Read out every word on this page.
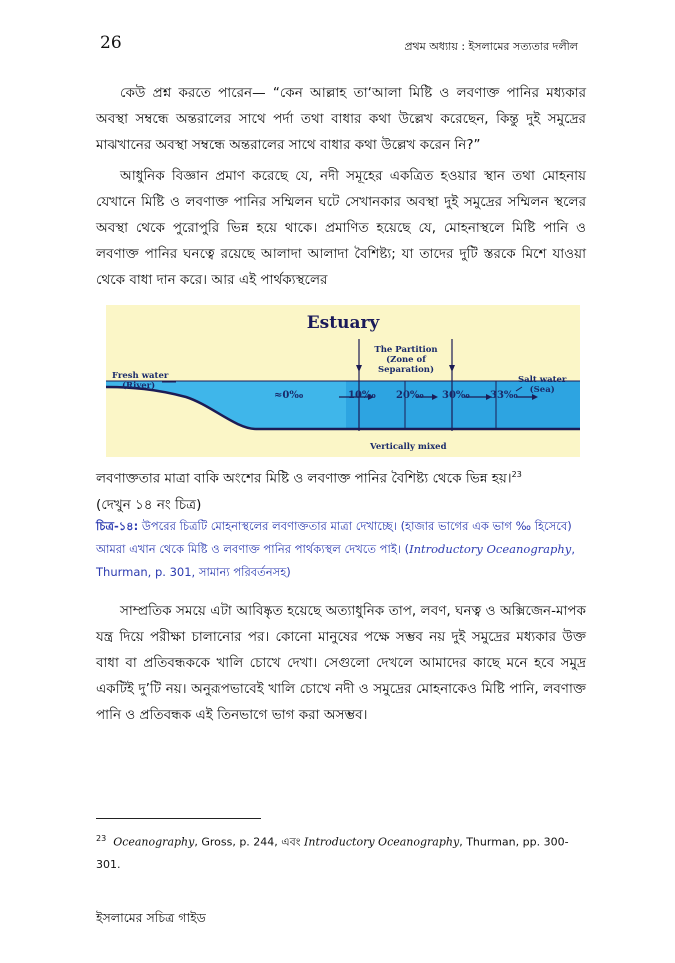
26	প্রথম অধ্যায় : ইসলামের সত্যতার দলীল

কেউ প্রশ্ন করতে পারেন— “কেন আল্লাহ তা‘আলা মিষ্টি ও লবণাক্ত পানির মধ্যকার অবস্থা সম্বন্ধে অন্তরালের সাথে পর্দা তথা বাধার কথা উল্লেখ করেছেন, কিন্তু দুই সমুদ্রের মাঝখানের অবস্থা সম্বন্ধে অন্তরালের সাথে বাধার কথা উল্লেখ করেন নি?”

আধুনিক বিজ্ঞান প্রমাণ করেছে যে, নদী সমূহের একত্রিত হওয়ার স্থান তথা মোহনায় যেখানে মিষ্টি ও লবণাক্ত পানির সম্মিলন ঘটে সেখানকার অবস্থা দুই সমুদ্রের সম্মিলন স্থলের অবস্থা থেকে পুরোপুরি ভিন্ন হয়ে থাকে। প্রমাণিত হয়েছে যে, মোহনাস্থলে মিষ্টি পানি ও লবণাক্ত পানির ঘনত্বে রয়েছে আলাদা আলাদা বৈশিষ্ট্য; যা তাদের দুটি স্তরকে মিশে যাওয়া থেকে বাধা দান করে। আর এই পার্থক্যস্থলের

Estuary
The Partition
(Zone of Separation)
Fresh water
(River)
Salt water
(Sea)
≈0‰	10‰ 20‰ 30‰ 33‰
Vertically mixed
লবণাক্ততার মাত্রা বাকি অংশের মিষ্টি ও লবণাক্ত পানির বৈশিষ্ট্য থেকে ভিন্ন হয়।$^{23}$
(দেখুন ১৪ নং চিত্র)
চিত্র-১৪: উপরের চিত্রটি মোহনাস্থলের লবণাক্ততার মাত্রা দেখাচ্ছে। (হাজার ভাগের এক ভাগ ‰ হিসেবে) আমরা এখান থেকে মিষ্টি ও লবণাক্ত পানির পার্থক্যস্থল দেখতে পাই। (Introductory Oceanography, Thurman, p. 301, সামান্য পরিবর্তনসহ)

সাম্প্রতিক সময়ে এটা আবিষ্কৃত হয়েছে অত্যাধুনিক তাপ, লবণ, ঘনত্ব ও অক্সিজেন-মাপক যন্ত্র দিয়ে পরীক্ষা চালানোর পর। কোনো মানুষের পক্ষে সম্ভব নয় দুই সমুদ্রের মধ্যকার উক্ত বাধা বা প্রতিবন্ধককে খালি চোখে দেখা। সেগুলো দেখলে আমাদের কাছে মনে হবে সমুদ্র একটিই দু’টি নয়। অনুরূপভাবেই খালি চোখে নদী ও সমুদ্রের মোহনাকেও মিষ্টি পানি, লবণাক্ত পানি ও প্রতিবন্ধক এই তিনভাগে ভাগ করা অসম্ভব।

$^{23}$ Oceanography, Gross, p. 244, এবং Introductory Oceanography, Thurman, pp. 300-301.
ইসলামের সচিত্র গাইড
